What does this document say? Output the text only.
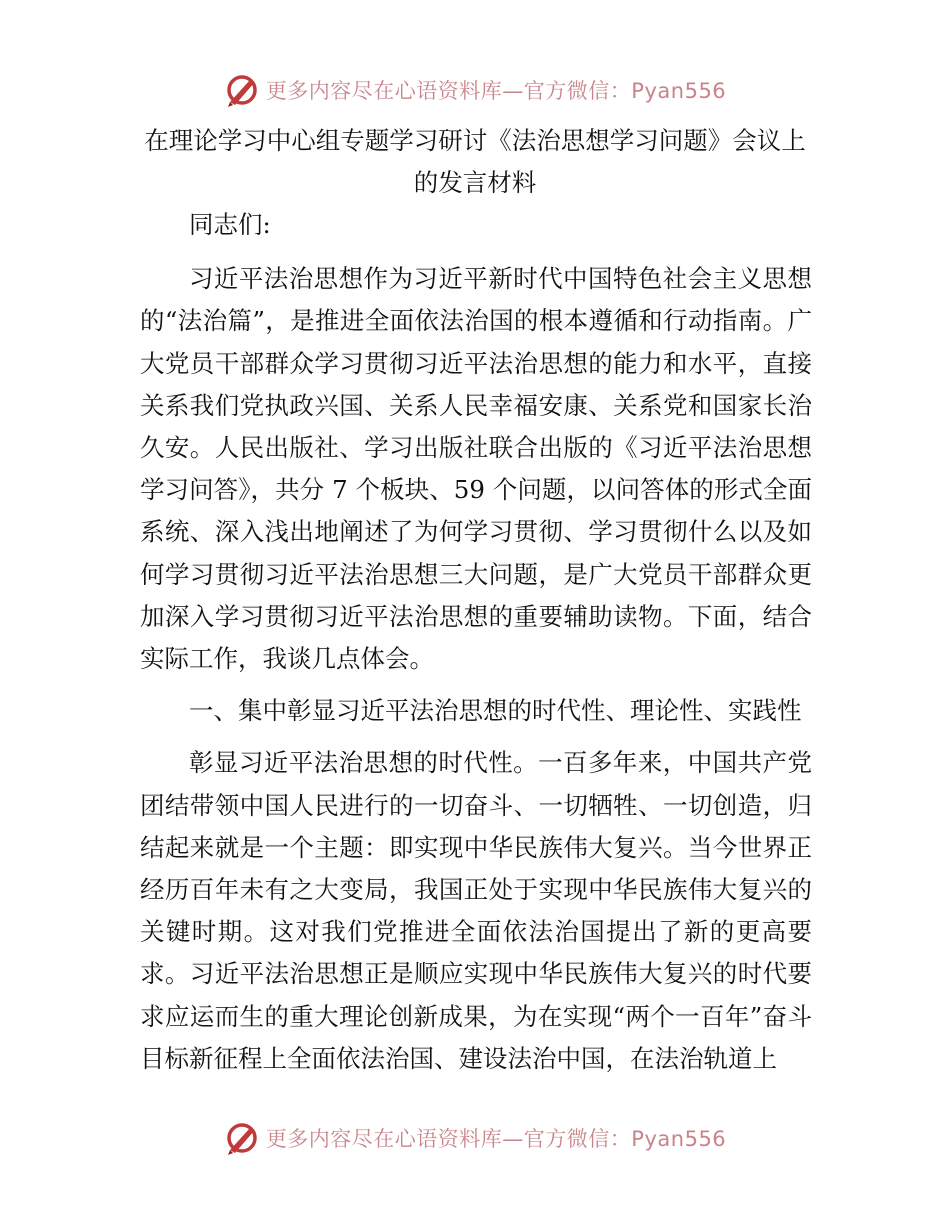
更多内容尽在心语资料库—官方微信：Pyan556
在理论学习中心组专题学习研讨《法治思想学习问题》会议上
的发言材料

同志们:

习近平法治思想作为习近平新时代中国特色社会主义思想的“法治篇”，是推进全面依法治国的根本遵循和行动指南。广大党员干部群众学习贯彻习近平法治思想的能力和水平，直接关系我们党执政兴国、关系人民幸福安康、关系党和国家长治久安。人民出版社、学习出版社联合出版的《习近平法治思想学习问答》，共分 7 个板块、59 个问题，以问答体的形式全面系统、深入浅出地阐述了为何学习贯彻、学习贯彻什么以及如何学习贯彻习近平法治思想三大问题，是广大党员干部群众更加深入学习贯彻习近平法治思想的重要辅助读物。下面，结合实际工作，我谈几点体会。

一、集中彰显习近平法治思想的时代性、理论性、实践性

彰显习近平法治思想的时代性。一百多年来，中国共产党团结带领中国人民进行的一切奋斗、一切牺牲、一切创造，归结起来就是一个主题：即实现中华民族伟大复兴。当今世界正经历百年未有之大变局，我国正处于实现中华民族伟大复兴的关键时期。这对我们党推进全面依法治国提出了新的更高要求。习近平法治思想正是顺应实现中华民族伟大复兴的时代要求应运而生的重大理论创新成果，为在实现“两个一百年”奋斗目标新征程上全面依法治国、建设法治中国，在法治轨道上

更多内容尽在心语资料库—官方微信：Pyan556
